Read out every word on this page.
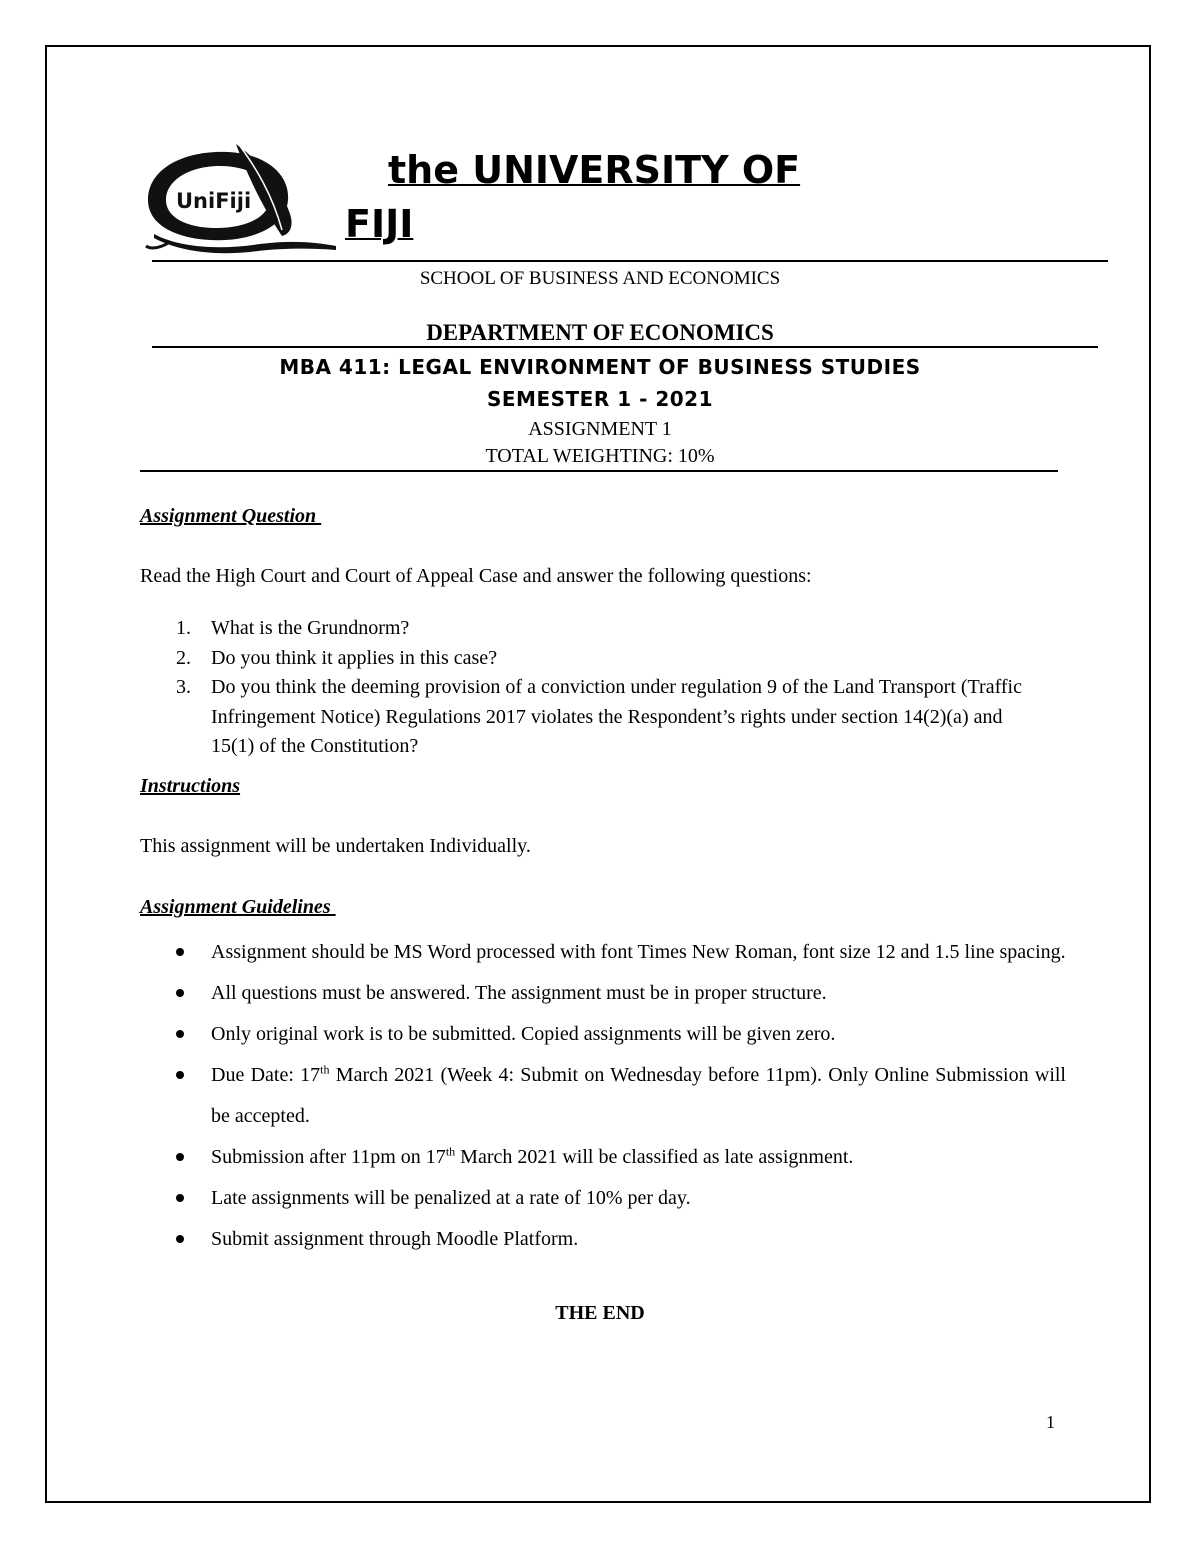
UniFiji
the UNIVERSITY OF
FIJI
SCHOOL OF BUSINESS AND ECONOMICS
DEPARTMENT OF ECONOMICS
MBA 411: LEGAL ENVIRONMENT OF BUSINESS STUDIES
SEMESTER 1 - 2021
ASSIGNMENT 1
TOTAL WEIGHTING: 10%
Assignment Question
Read the High Court and Court of Appeal Case and answer the following questions:
1. What is the Grundnorm?
2. Do you think it applies in this case?
3. Do you think the deeming provision of a conviction under regulation 9 of the Land Transport (Traffic Infringement Notice) Regulations 2017 violates the Respondent’s rights under section 14(2)(a) and 15(1) of the Constitution?
Instructions
This assignment will be undertaken Individually.
Assignment Guidelines
Assignment should be MS Word processed with font Times New Roman, font size 12 and 1.5 line spacing.
All questions must be answered. The assignment must be in proper structure.
Only original work is to be submitted. Copied assignments will be given zero.
Due Date: 17th March 2021 (Week 4: Submit on Wednesday before 11pm). Only Online Submission will be accepted.
Submission after 11pm on 17th March 2021 will be classified as late assignment.
Late assignments will be penalized at a rate of 10% per day.
Submit assignment through Moodle Platform.
THE END
1
